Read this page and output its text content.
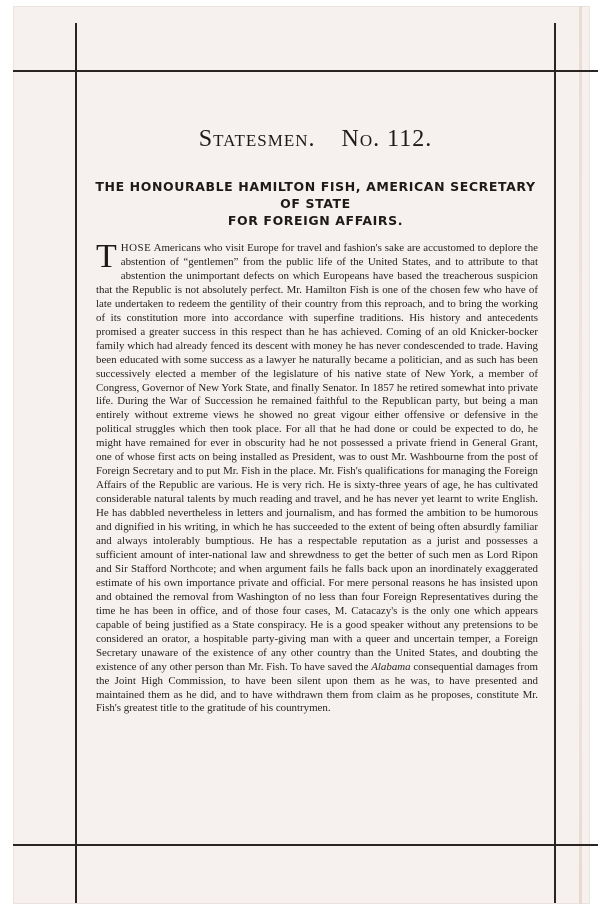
Statesmen. No. 112.
THE HONOURABLE HAMILTON FISH, AMERICAN SECRETARY OF STATE
FOR FOREIGN AFFAIRS.

THOSE Americans who visit Europe for travel and fashion's sake are accustomed to deplore the abstention of “gentlemen” from the public life of the United States, and to attribute to that abstention the unimportant defects on which Europeans have based the treacherous suspicion that the Republic is not absolutely perfect. Mr. Hamilton Fish is one of the chosen few who have of late undertaken to redeem the gentility of their country from this reproach, and to bring the working of its constitution more into accordance with superfine traditions. His history and antecedents promised a greater success in this respect than he has achieved. Coming of an old Knicker-bocker family which had already fenced its descent with money he has never condescended to trade. Having been educated with some success as a lawyer he naturally became a politician, and as such has been successively elected a member of the legislature of his native state of New York, a member of Congress, Governor of New York State, and finally Senator. In 1857 he retired somewhat into private life. During the War of Succession he remained faithful to the Republican party, but being a man entirely without extreme views he showed no great vigour either offensive or defensive in the political struggles which then took place. For all that he had done or could be expected to do, he might have remained for ever in obscurity had he not possessed a private friend in General Grant, one of whose first acts on being installed as President, was to oust Mr. Washbourne from the post of Foreign Secretary and to put Mr. Fish in the place. Mr. Fish's qualifications for managing the Foreign Affairs of the Republic are various. He is very rich. He is sixty-three years of age, he has cultivated considerable natural talents by much reading and travel, and he has never yet learnt to write English. He has dabbled nevertheless in letters and journalism, and has formed the ambition to be humorous and dignified in his writing, in which he has succeeded to the extent of being often absurdly familiar and always intolerably bumptious. He has a respectable reputation as a jurist and possesses a sufficient amount of inter-national law and shrewdness to get the better of such men as Lord Ripon and Sir Stafford Northcote; and when argument fails he falls back upon an inordinately exaggerated estimate of his own importance private and official. For mere personal reasons he has insisted upon and obtained the removal from Washington of no less than four Foreign Representatives during the time he has been in office, and of those four cases, M. Catacazy's is the only one which appears capable of being justified as a State conspiracy. He is a good speaker without any pretensions to be considered an orator, a hospitable party-giving man with a queer and uncertain temper, a Foreign Secretary unaware of the existence of any other country than the United States, and doubting the existence of any other person than Mr. Fish. To have saved the Alabama consequential damages from the Joint High Commission, to have been silent upon them as he was, to have presented and maintained them as he did, and to have withdrawn them from claim as he proposes, constitute Mr. Fish's greatest title to the gratitude of his countrymen.
